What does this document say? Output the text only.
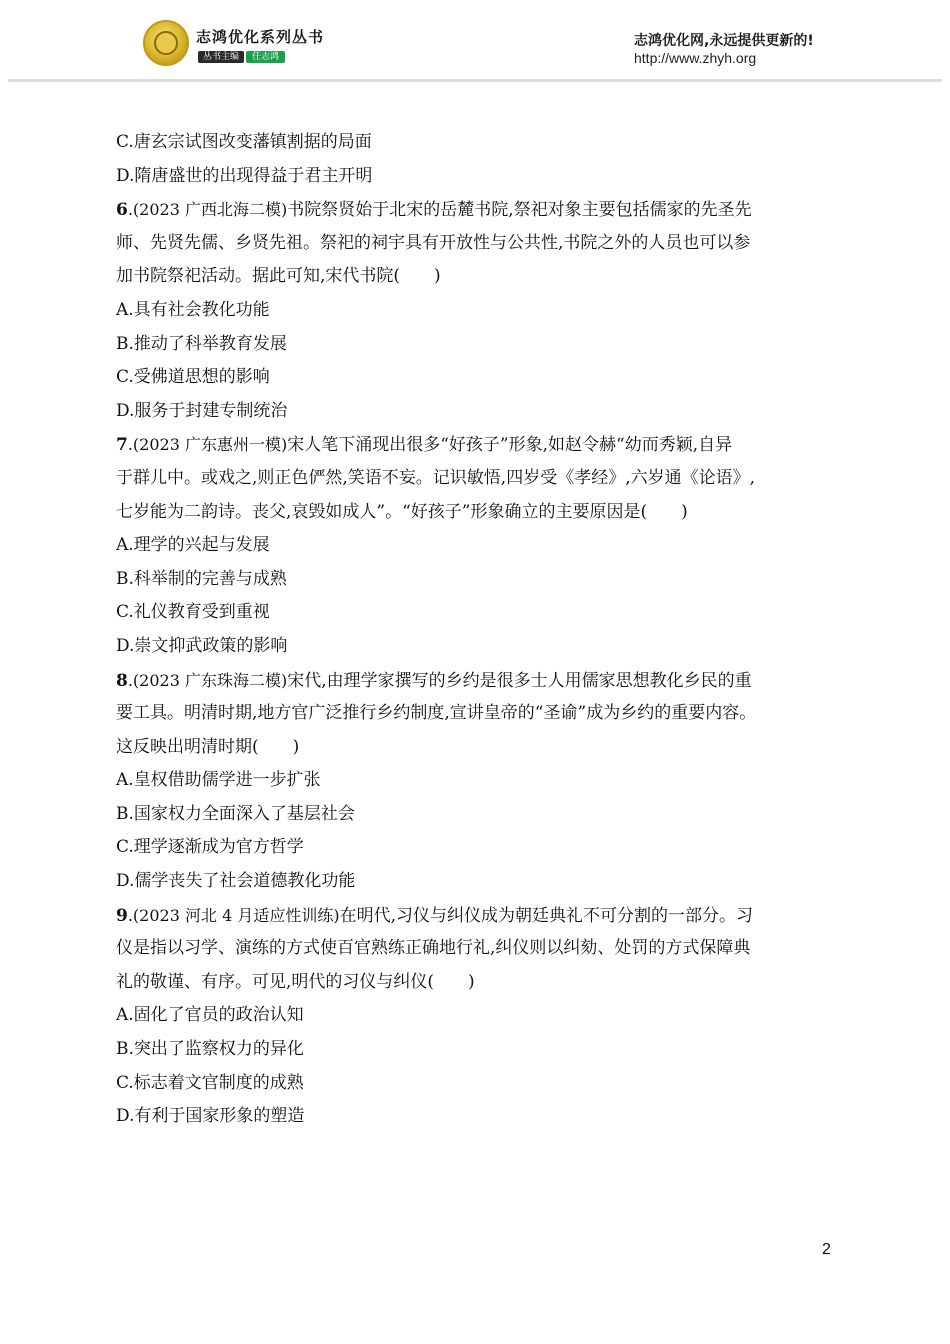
志鸿优化系列丛书
丛书主编 任志鸿
志鸿优化网,永远提供更新的!
http://www.zhyh.org
C.唐玄宗试图改变藩镇割据的局面
D.隋唐盛世的出现得益于君主开明
6.(2023 广西北海二模)书院祭贤始于北宋的岳麓书院,祭祀对象主要包括儒家的先圣先
师、先贤先儒、乡贤先祖。祭祀的祠宇具有开放性与公共性,书院之外的人员也可以参
加书院祭祀活动。据此可知,宋代书院(　　)
A.具有社会教化功能
B.推动了科举教育发展
C.受佛道思想的影响
D.服务于封建专制统治
7.(2023 广东惠州一模)宋人笔下涌现出很多“好孩子”形象,如赵令赫“幼而秀颖,自异
于群儿中。或戏之,则正色俨然,笑语不妄。记识敏悟,四岁受《孝经》,六岁通《论语》,
七岁能为二韵诗。丧父,哀毁如成人”。“好孩子”形象确立的主要原因是(　　)
A.理学的兴起与发展
B.科举制的完善与成熟
C.礼仪教育受到重视
D.崇文抑武政策的影响
8.(2023 广东珠海二模)宋代,由理学家撰写的乡约是很多士人用儒家思想教化乡民的重
要工具。明清时期,地方官广泛推行乡约制度,宣讲皇帝的“圣谕”成为乡约的重要内容。
这反映出明清时期(　　)
A.皇权借助儒学进一步扩张
B.国家权力全面深入了基层社会
C.理学逐渐成为官方哲学
D.儒学丧失了社会道德教化功能
9.(2023 河北 4 月适应性训练)在明代,习仪与纠仪成为朝廷典礼不可分割的一部分。习
仪是指以习学、演练的方式使百官熟练正确地行礼,纠仪则以纠劾、处罚的方式保障典
礼的敬谨、有序。可见,明代的习仪与纠仪(　　)
A.固化了官员的政治认知
B.突出了监察权力的异化
C.标志着文官制度的成熟
D.有利于国家形象的塑造
2
